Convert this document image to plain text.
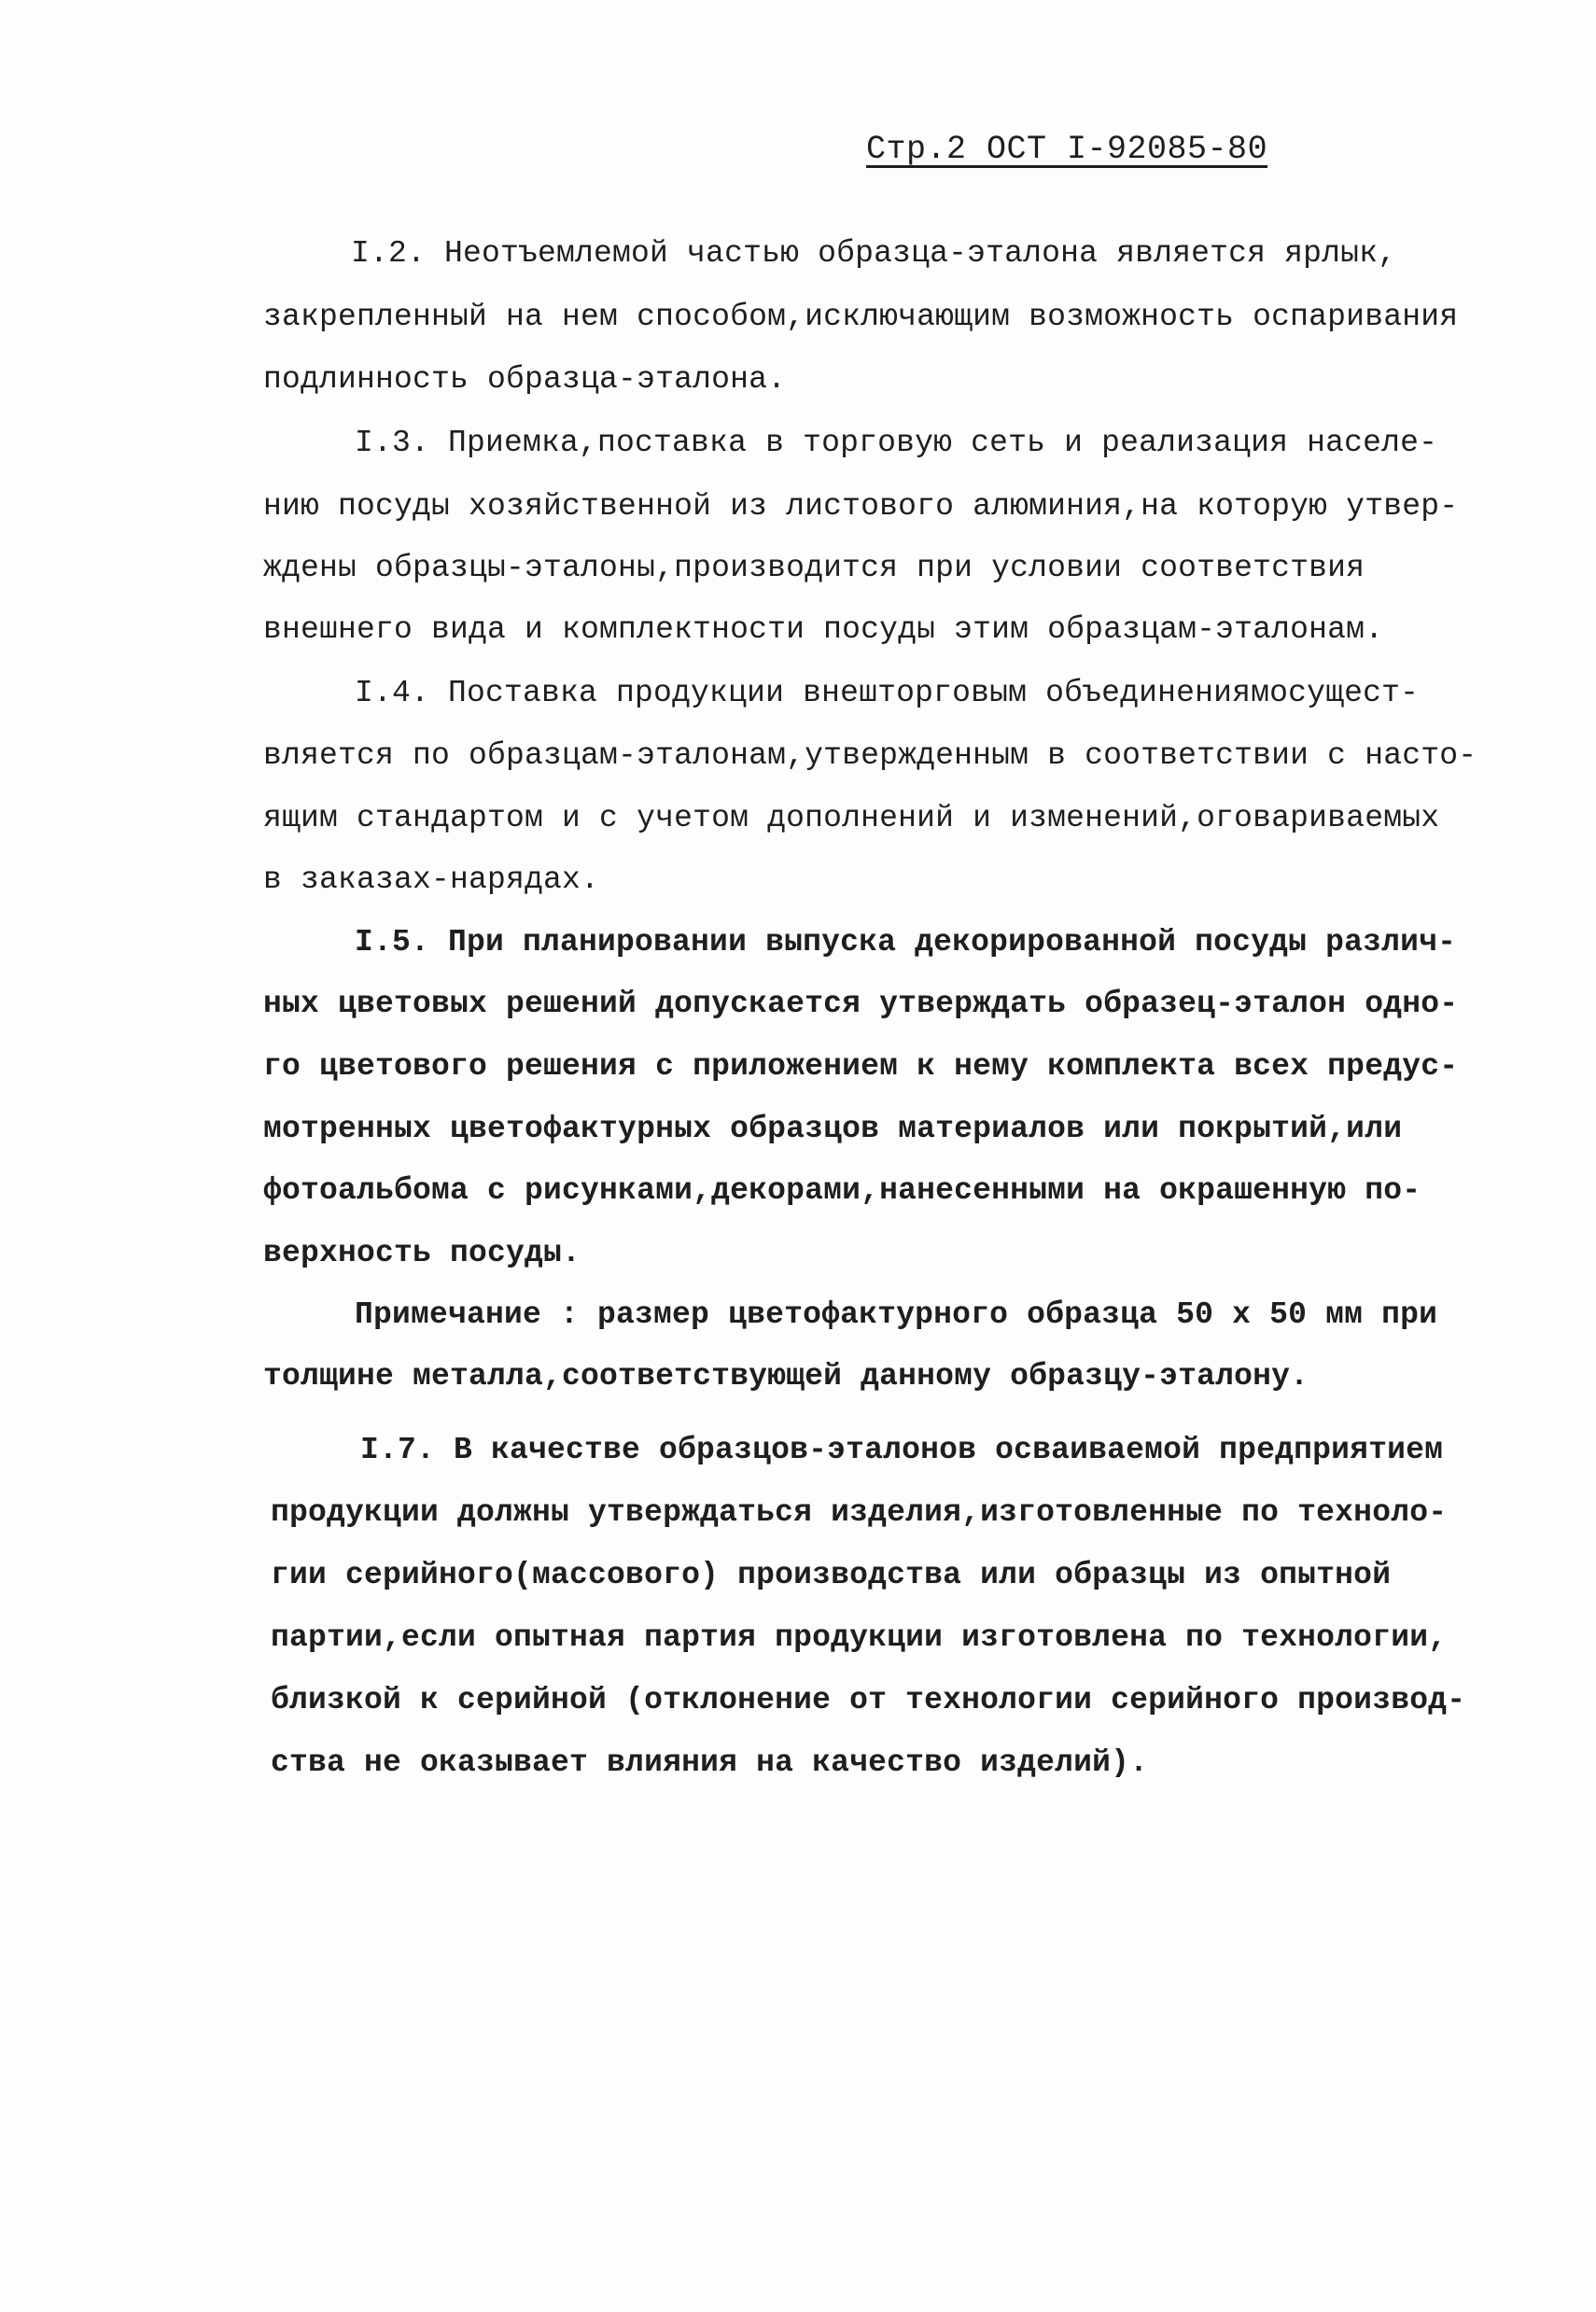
Стр.2 ОСТ I-92085-80
I.2. Неотъемлемой частью образца-эталона является ярлык,
закрепленный на нем способом,исключающим возможность оспаривания
подлинность образца-эталона.
I.3. Приемка,поставка в торговую сеть и реализация населе-
нию посуды хозяйственной из листового алюминия,на которую утвер-
ждены образцы-эталоны,производится при условии соответствия
внешнего вида и комплектности посуды этим образцам-эталонам.
I.4. Поставка продукции внешторговым объединениямосущест-
вляется по образцам-эталонам,утвержденным в соответствии с насто-
ящим стандартом и с учетом дополнений и изменений,оговариваемых
в заказах-нарядах.
I.5. При планировании выпуска декорированной посуды различ-
ных цветовых решений допускается утверждать образец-эталон одно-
го цветового решения с приложением к нему комплекта всех предус-
мотренных цветофактурных образцов материалов или покрытий,или
фотоальбома с рисунками,декорами,нанесенными на окрашенную по-
верхность посуды.
Примечание : размер цветофактурного образца 50 х 50 мм при
толщине металла,соответствующей данному образцу-эталону.
I.7. В качестве образцов-эталонов осваиваемой предприятием
продукции должны утверждаться изделия,изготовленные по техноло-
гии серийного(массового) производства или образцы из опытной
партии,если опытная партия продукции изготовлена по технологии,
близкой к серийной (отклонение от технологии серийного производ-
ства не оказывает влияния на качество изделий).
